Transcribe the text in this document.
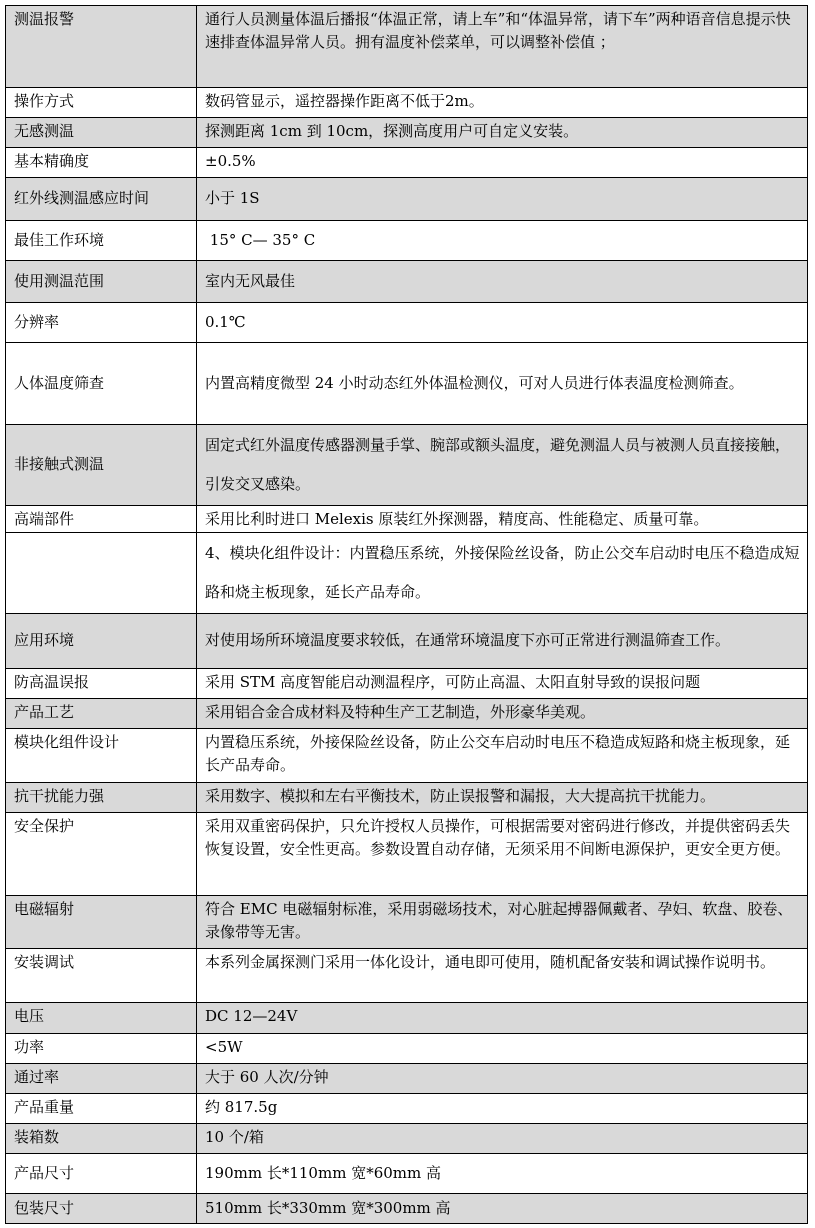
测温报警	通行人员测量体温后播报“体温正常，请上车”和“体温异常，请下车”两种语音信息提示快速排查体温异常人员。拥有温度补偿菜单，可以调整补偿值 ；
操作方式	数码管显示，遥控器操作距离不低于2m。
无感测温	探测距离 1cm 到 10cm，探测高度用户可自定义安装。
基本精确度	±0.5%
红外线测温感应时间	小于 1S
最佳工作环境	15° C— 35° C
使用测温范围	室内无风最佳
分辨率	0.1℃
人体温度筛查	内置高精度微型 24 小时动态红外体温检测仪，可对人员进行体表温度检测筛查。
非接触式测温	固定式红外温度传感器测量手掌、腕部或额头温度，避免测温人员与被测人员直接接触，引发交叉感染。
高端部件	采用比利时进口 Melexis 原装红外探测器，精度高、性能稳定、质量可靠。
	4、模块化组件设计：内置稳压系统，外接保险丝设备，防止公交车启动时电压不稳造成短路和烧主板现象，延长产品寿命。
应用环境	对使用场所环境温度要求较低，在通常环境温度下亦可正常进行测温筛查工作。
防高温误报	采用 STM 高度智能启动测温程序，可防止高温、太阳直射导致的误报问题
产品工艺	采用铝合金合成材料及特种生产工艺制造，外形豪华美观。
模块化组件设计	内置稳压系统，外接保险丝设备，防止公交车启动时电压不稳造成短路和烧主板现象，延长产品寿命。
抗干扰能力强	采用数字、模拟和左右平衡技术，防止误报警和漏报，大大提高抗干扰能力。
安全保护	采用双重密码保护，只允许授权人员操作，可根据需要对密码进行修改，并提供密码丢失恢复设置，安全性更高。参数设置自动存储，无须采用不间断电源保护，更安全更方便。
电磁辐射	符合 EMC 电磁辐射标准，采用弱磁场技术，对心脏起搏器佩戴者、孕妇、软盘、胶卷、录像带等无害。
安装调试	本系列金属探测门采用一体化设计，通电即可使用，随机配备安装和调试操作说明书。
电压	DC 12—24V
功率	<5W
通过率	大于 60 人次/分钟
产品重量	约 817.5g
装箱数	10 个/箱
产品尺寸	190mm 长*110mm 宽*60mm 高
包装尺寸	510mm 长*330mm 宽*300mm 高
